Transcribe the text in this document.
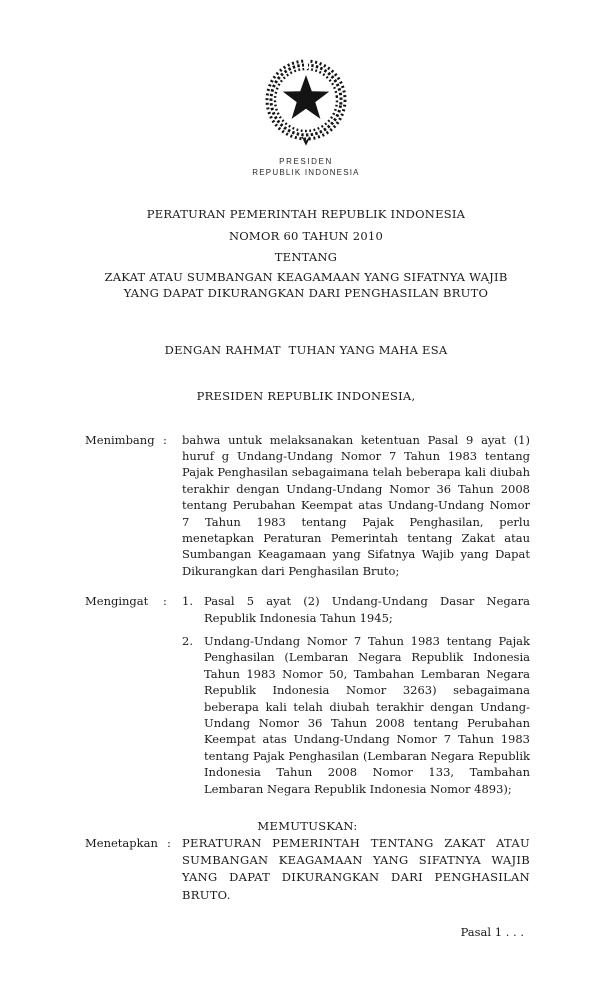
PRESIDEN
REPUBLIK INDONESIA
PERATURAN PEMERINTAH REPUBLIK INDONESIA
NOMOR 60 TAHUN 2010
TENTANG
ZAKAT ATAU SUMBANGAN KEAGAMAAN YANG SIFATNYA WAJIB
YANG DAPAT DIKURANGKAN DARI PENGHASILAN BRUTO
DENGAN RAHMAT  TUHAN YANG MAHA ESA
PRESIDEN REPUBLIK INDONESIA,
Menimbang :	bahwa untuk melaksanakan ketentuan Pasal 9 ayat (1) huruf g Undang-Undang Nomor 7 Tahun 1983 tentang Pajak Penghasilan sebagaimana telah beberapa kali diubah terakhir dengan Undang-Undang Nomor 36 Tahun 2008 tentang Perubahan Keempat atas Undang-Undang Nomor 7 Tahun 1983 tentang Pajak Penghasilan, perlu menetapkan Peraturan Pemerintah tentang Zakat atau Sumbangan Keagamaan yang Sifatnya Wajib yang Dapat Dikurangkan dari Penghasilan Bruto;
Mengingat	:	1. Pasal 5 ayat (2) Undang-Undang Dasar Negara Republik Indonesia Tahun 1945;
2. Undang-Undang Nomor 7 Tahun 1983 tentang Pajak Penghasilan (Lembaran Negara Republik Indonesia Tahun 1983 Nomor 50, Tambahan Lembaran Negara Republik Indonesia Nomor 3263) sebagaimana beberapa kali telah diubah terakhir dengan Undang-Undang Nomor 36 Tahun 2008 tentang Perubahan Keempat atas Undang-Undang Nomor 7 Tahun 1983 tentang Pajak Penghasilan (Lembaran Negara Republik Indonesia Tahun 2008 Nomor 133, Tambahan Lembaran Negara Republik Indonesia Nomor 4893);
MEMUTUSKAN:
Menetapkan : PERATURAN PEMERINTAH TENTANG ZAKAT ATAU SUMBANGAN KEAGAMAAN YANG SIFATNYA WAJIB YANG DAPAT DIKURANGKAN DARI PENGHASILAN BRUTO.
Pasal 1 . . .
